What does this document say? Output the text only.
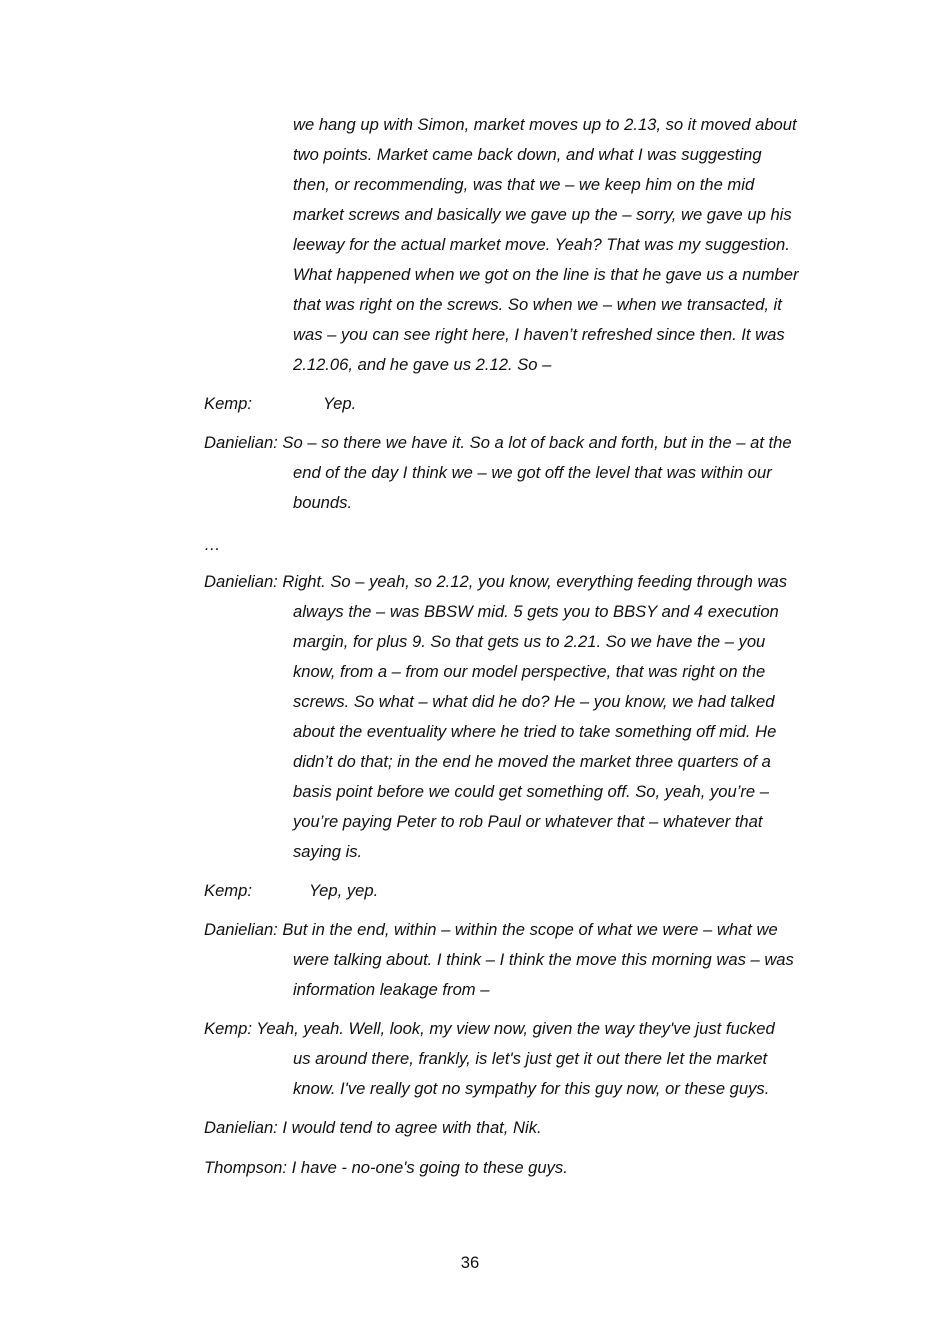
we hang up with Simon, market moves up to 2.13, so it moved about
two points. Market came back down, and what I was suggesting
then, or recommending, was that we – we keep him on the mid
market screws and basically we gave up the – sorry, we gave up his
leeway for the actual market move. Yeah? That was my suggestion.
What happened when we got on the line is that he gave us a number
that was right on the screws. So when we – when we transacted, it
was – you can see right here, I haven’t refreshed since then. It was
2.12.06, and he gave us 2.12. So –

Kemp:	Yep.

Danielian: So – so there we have it. So a lot of back and forth, but in the – at the
end of the day I think we – we got off the level that was within our
bounds.

…

Danielian: Right. So – yeah, so 2.12, you know, everything feeding through was
always the – was BBSW mid. 5 gets you to BBSY and 4 execution
margin, for plus 9. So that gets us to 2.21. So we have the – you
know, from a – from our model perspective, that was right on the
screws. So what – what did he do? He – you know, we had talked
about the eventuality where he tried to take something off mid. He
didn’t do that; in the end he moved the market three quarters of a
basis point before we could get something off. So, yeah, you’re –
you’re paying Peter to rob Paul or whatever that – whatever that
saying is.

Kemp:	Yep, yep.

Danielian: But in the end, within – within the scope of what we were – what we
were talking about. I think – I think the move this morning was – was
information leakage from –

Kemp: Yeah, yeah. Well, look, my view now, given the way they've just fucked
us around there, frankly, is let's just get it out there let the market
know. I've really got no sympathy for this guy now, or these guys.

Danielian: I would tend to agree with that, Nik.

Thompson: I have - no-one's going to these guys.

36
